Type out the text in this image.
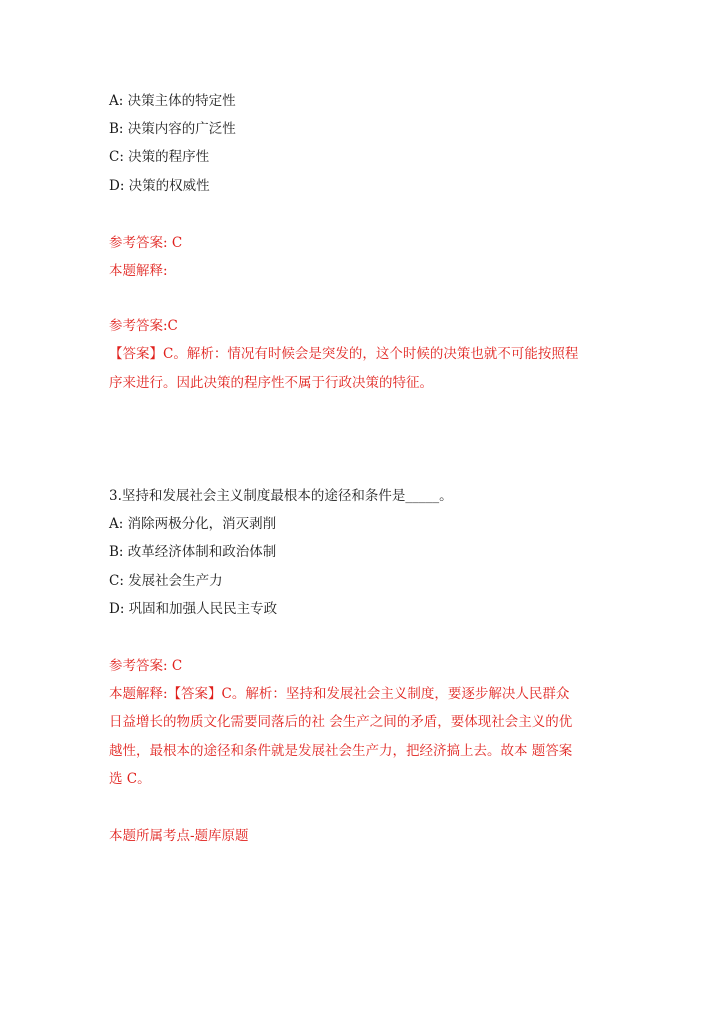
A: 决策主体的特定性
B: 决策内容的广泛性
C: 决策的程序性
D: 决策的权威性
参考答案: C
本题解释:
参考答案:C
【答案】C。解析：情况有时候会是突发的，这个时候的决策也就不可能按照程
序来进行。因此决策的程序性不属于行政决策的特征。
3.坚持和发展社会主义制度最根本的途径和条件是_____。
A: 消除两极分化，消灭剥削
B: 改革经济体制和政治体制
C: 发展社会生产力
D: 巩固和加强人民民主专政
参考答案: C
本题解释:【答案】C。解析：坚持和发展社会主义制度，要逐步解决人民群众
日益增长的物质文化需要同落后的社 会生产之间的矛盾，要体现社会主义的优
越性，最根本的途径和条件就是发展社会生产力，把经济搞上去。故本 题答案
选 C。
本题所属考点-题库原题
